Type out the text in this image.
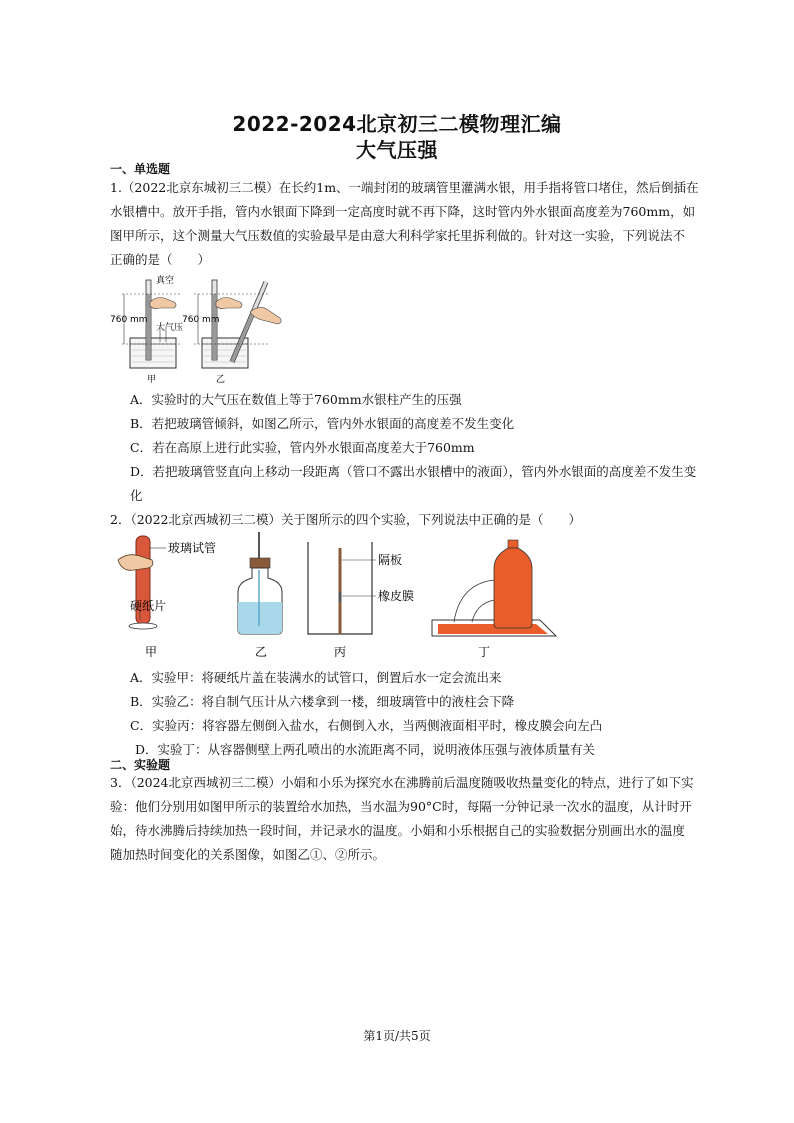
2022-2024北京初三二模物理汇编
大气压强
一、单选题
1.（2022北京东城初三二模）在长约1m、一端封闭的玻璃管里灌满水银，用手指将管口堵住，然后倒插在
水银槽中。放开手指，管内水银面下降到一定高度时就不再下降，这时管内外水银面高度差为760mm，如
图甲所示，这个测量大气压数值的实验最早是由意大利科学家托里拆利做的。针对这一实验，下列说法不
正确的是（　　）
真空
760 mm
大气压
甲
760 mm
乙
A．实验时的大气压在数值上等于760mm水银柱产生的压强
B．若把玻璃管倾斜，如图乙所示，管内外水银面的高度差不发生变化
C．若在高原上进行此实验，管内外水银面高度差大于760mm
D．若把玻璃管竖直向上移动一段距离（管口不露出水银槽中的液面），管内外水银面的高度差不发生变
化
2．（2022北京西城初三二模）关于图所示的四个实验，下列说法中正确的是（　　）
玻璃试管
硬纸片
甲	乙
隔板
橡皮膜
丙	丁
A．实验甲：将硬纸片盖在装满水的试管口，倒置后水一定会流出来
B．实验乙：将自制气压计从六楼拿到一楼，细玻璃管中的液柱会下降
C．实验丙：将容器左侧倒入盐水，右侧倒入水，当两侧液面相平时，橡皮膜会向左凸
D．实验丁：从容器侧壁上两孔喷出的水流距离不同，说明液体压强与液体质量有关
二、实验题
3．（2024北京西城初三二模）小娟和小乐为探究水在沸腾前后温度随吸收热量变化的特点，进行了如下实
验：他们分别用如图甲所示的装置给水加热，当水温为90°C时，每隔一分钟记录一次水的温度，从计时开
始，待水沸腾后持续加热一段时间，并记录水的温度。小娟和小乐根据自己的实验数据分别画出水的温度
随加热时间变化的关系图像，如图乙①、②所示。
第1页/共5页
